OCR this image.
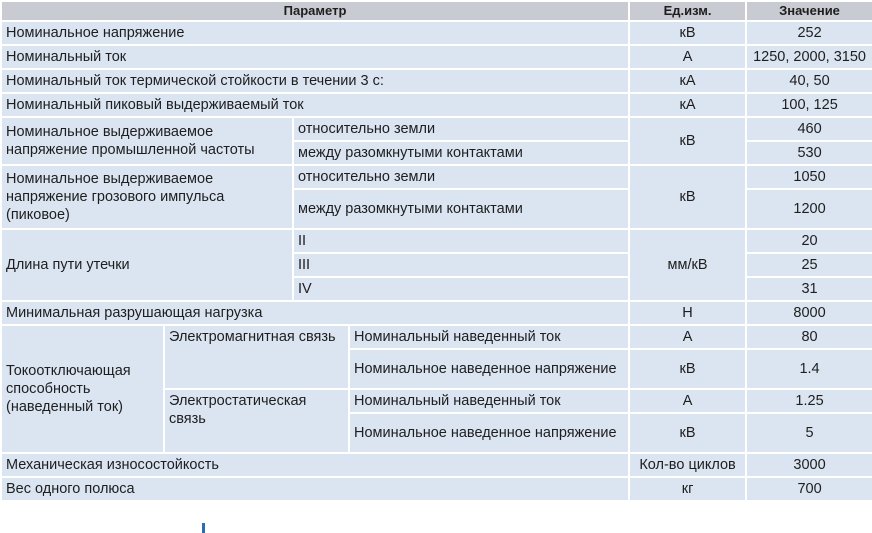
Параметр				Ед.изм.	Значение
Номинальное напряжение				кВ	252
Номинальный ток				А	1250, 2000, 3150
Номинальный ток термической стойкости в течении 3 с:				кА	40, 50
Номинальный пиковый выдерживаемый ток				кА	100, 125
Номинальное выдерживаемое напряжение промышленной частоты		относительно земли		кВ	460
		между разомкнутыми контактами			530
Номинальное выдерживаемое напряжение грозового импульса (пиковое)		относительно земли		кВ	1050
		между разомкнутыми контактами			1200
Длина пути утечки		II		мм/кВ	20
		III			25
		IV			31
Минимальная разрушающая нагрузка				Н	8000
Токоотключающая способность (наведенный ток)	Электромагнитная связь		Номинальный наведенный ток	А	80
			Номинальное наведенное напряжение	кВ	1.4
	Электростатическая связь		Номинальный наведенный ток	А	1.25
			Номинальное наведенное напряжение	кВ	5
Механическая износостойкость				Кол-во циклов	3000
Вес одного полюса				кг	700
